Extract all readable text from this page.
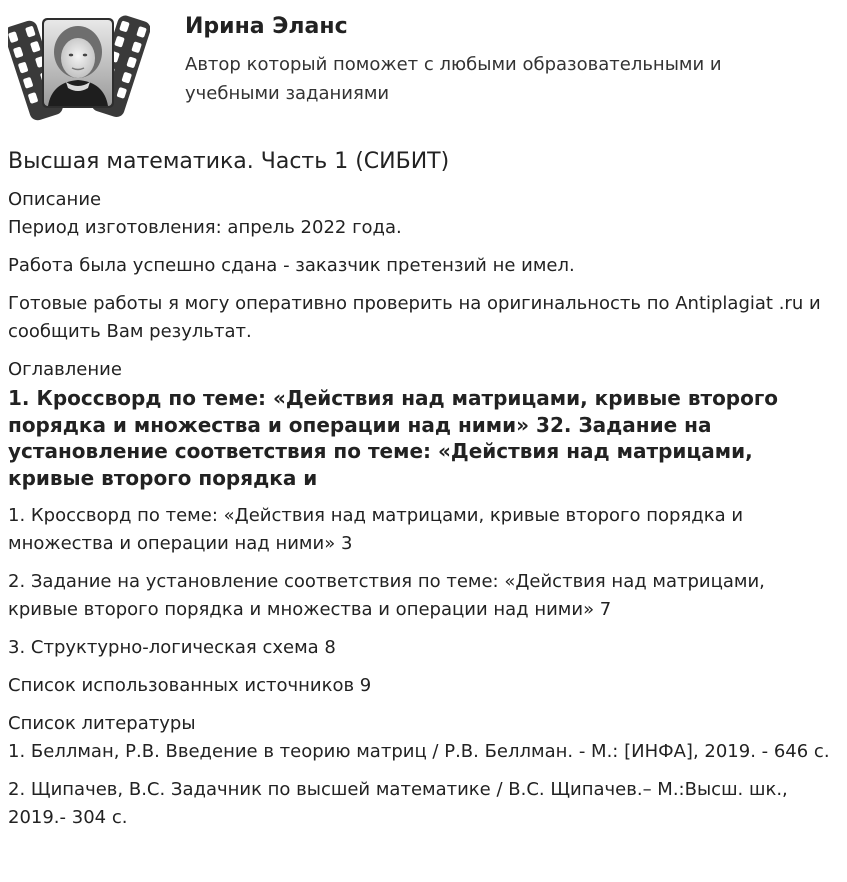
Ирина Эланс

Автор который поможет с любыми образовательными и учебными заданиями

Высшая математика. Часть 1 (СИБИТ)
Описание

Период изготовления: апрель 2022 года.

Работа была успешно сдана - заказчик претензий не имел.

Готовые работы я могу оперативно проверить на оригинальность по Antiplagiat .ru и сообщить Вам результат.

Оглавление
1. Кроссворд по теме: «Действия над матрицами, кривые второго порядка и множества и операции над ними» 32. Задание на установление соответствия по теме: «Действия над матрицами, кривые второго порядка и

1. Кроссворд по теме: «Действия над матрицами, кривые второго порядка и множества и операции над ними» 3

2. Задание на установление соответствия по теме: «Действия над матрицами, кривые второго порядка и множества и операции над ними» 7

3. Структурно-логическая схема 8

Список использованных источников 9

Список литературы

1. Беллман, Р.В. Введение в теорию матриц / Р.В. Беллман. - М.: [ИНФА], 2019. - 646 с.

2. Щипачев, В.С. Задачник по высшей математике / В.С. Щипачев.– М.:Высш. шк., 2019.- 304 с.
